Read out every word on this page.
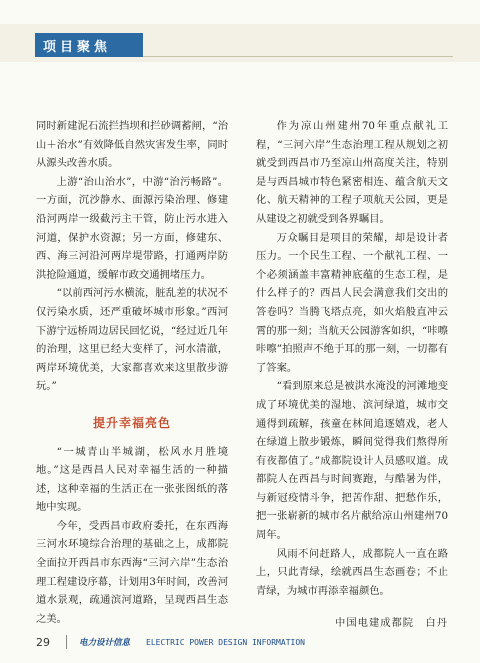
项目聚焦

同时新建泥石流拦挡坝和拦砂调蓄闸，“治山＋治水”有效降低自然灾害发生率，同时从源头改善水质。

上游“治山治水”，中游“治污畅路”。一方面，沉沙静水、面源污染治理、修建沿河两岸一级截污主干管，防止污水进入河道，保护水资源；另一方面，修建东、西、海三河沿河两岸堤带路，打通两岸防洪抢险通道，缓解市政交通拥堵压力。

“以前西河污水横流，脏乱差的状况不仅污染水质，还严重破坏城市形象。”西河下游宁远桥周边居民回忆说，“经过近几年的治理，这里已经大变样了，河水清澈，两岸环境优美，大家都喜欢来这里散步游玩。”

提升幸福亮色

“一城青山半城湖，松风水月胜境地。”这是西昌人民对幸福生活的一种描述，这种幸福的生活正在一张张图纸的落地中实现。

今年，受西昌市政府委托，在东西海三河水环境综合治理的基础之上，成都院全面拉开西昌市东西海“三河六岸”生态治理工程建设序幕，计划用3年时间，改善河道水景观，疏通滨河道路，呈现西昌生态之美。

作为凉山州建州70年重点献礼工程，“三河六岸”生态治理工程从规划之初就受到西昌市乃至凉山州高度关注，特别是与西昌城市特色紧密相连、蕴含航天文化、航天精神的工程子项航天公园，更是从建设之初就受到各界瞩目。

万众瞩目是项目的荣耀，却是设计者压力。一个民生工程、一个献礼工程、一个必须涵盖丰富精神底蕴的生态工程，是什么样子的？西昌人民会满意我们交出的答卷吗？当腾飞塔点亮，如火焰般直冲云霄的那一刻；当航天公园游客如织，“咔嚓咔嚓”拍照声不绝于耳的那一刻，一切都有了答案。

“看到原来总是被洪水淹没的河滩地变成了环境优美的湿地、滨河绿道，城市交通得到疏解，孩童在林间追逐嬉戏，老人在绿道上散步锻炼，瞬间觉得我们熬得所有夜都值了。”成都院设计人员感叹道。成都院人在西昌与时间赛跑，与酷暑为伴，与新冠疫情斗争，把苦作甜、把愁作乐，把一张崭新的城市名片献给凉山州建州70周年。

风雨不问赶路人，成都院人一直在路上，只此青绿，绘就西昌生态画卷；不止青绿，为城市再添幸福颜色。

中国电建成都院　白丹
29	电力设计信息 ELECTRIC POWER DESIGN INFORMATION
